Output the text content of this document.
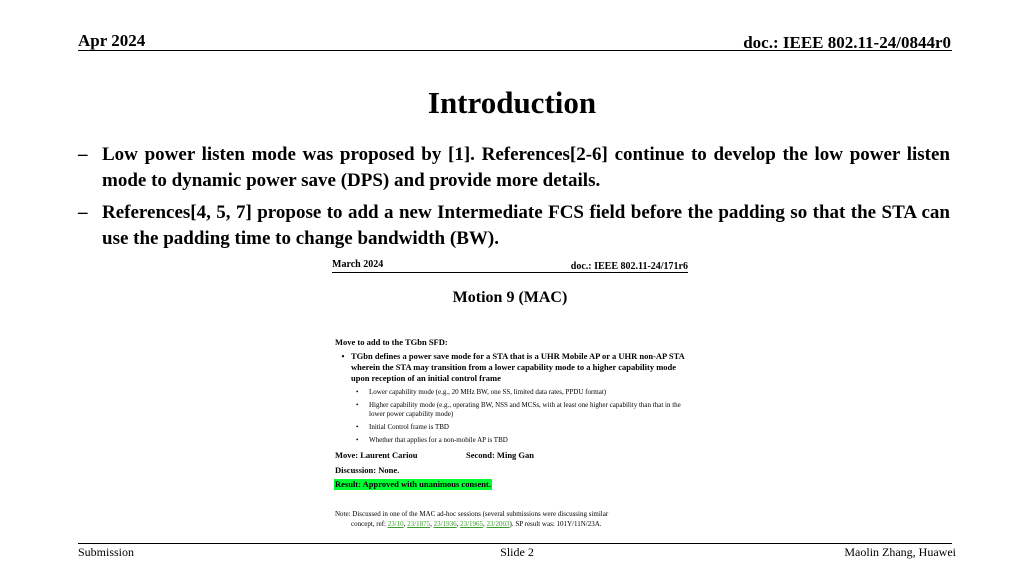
Apr 2024	doc.: IEEE 802.11-24/0844r0
Introduction
– Low power listen mode was proposed by [1]. References[2-6] continue to develop the low power listen mode to dynamic power save (DPS) and provide more details.
– References[4, 5, 7] propose to add a new Intermediate FCS field before the padding so that the STA can use the padding time to change bandwidth (BW).
March 2024	doc.: IEEE 802.11-24/171r6
Motion 9 (MAC)
Move to add to the TGbn SFD:
• TGbn defines a power save mode for a STA that is a UHR Mobile AP or a UHR non-AP STA wherein the STA may transition from a lower capability mode to a higher capability mode upon reception of an initial control frame
•	Lower capability mode (e.g., 20 MHz BW, one SS, limited data rates, PPDU format)
•	Higher capability mode (e.g., operating BW, NSS and MCSs, with at least one higher capability than that in the lower power capability mode)
•	Initial Control frame is TBD
•	Whether that applies for a non-mobile AP is TBD
Move: Laurent Cariou	Second: Ming Gan
Discussion: None.
Result: Approved with unanimous consent.
Note: Discussed in one of the MAC ad-hoc sessions (several submissions were discussing similar
concept, ref: 23/10, 23/1875, 23/1936, 23/1965, 23/2003). SP result was: 101Y/11N/23A.
Submission	Slide 2	Maolin Zhang, Huawei
